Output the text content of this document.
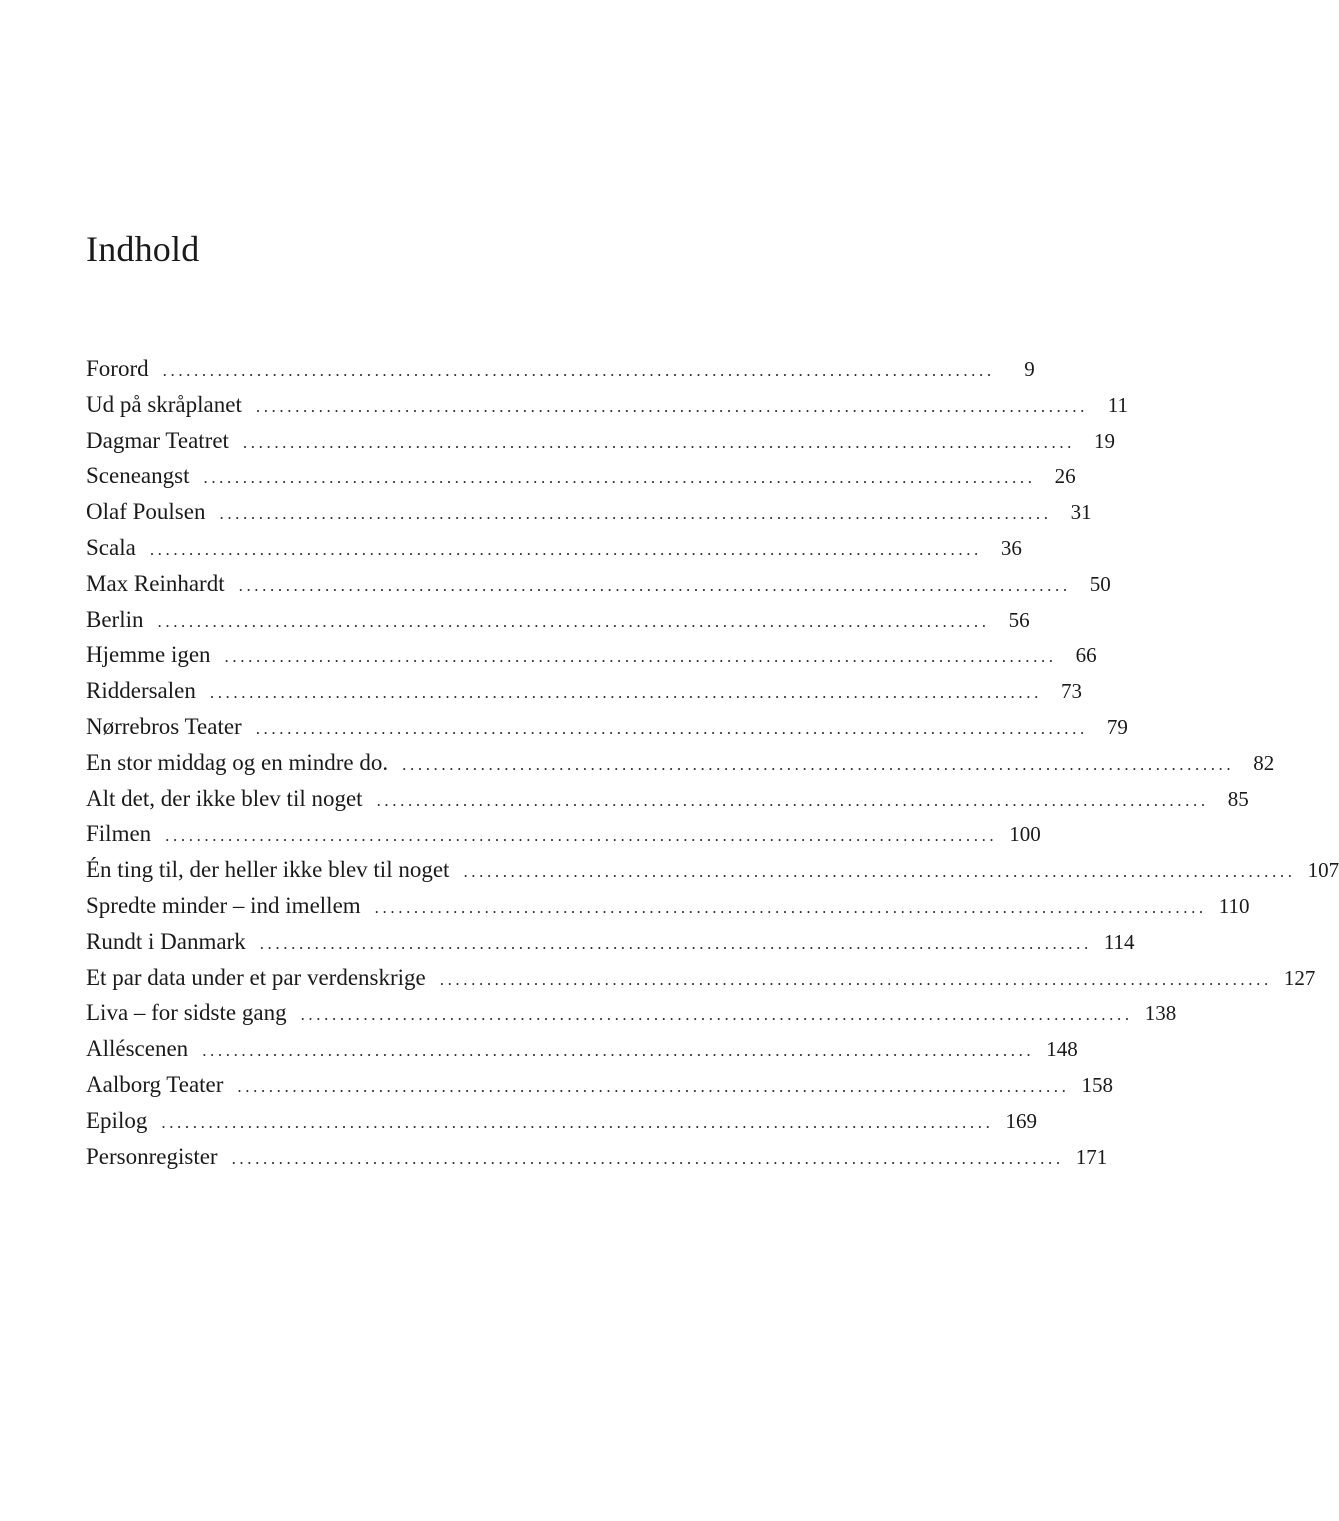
Indhold
Forord ..........................................................................................................	9
Ud på skråplanet .......................................................................................................... 11
Dagmar Teatret .......................................................................................................... 19
Sceneangst .......................................................................................................... 26
Olaf Poulsen .......................................................................................................... 31
Scala .......................................................................................................... 36
Max Reinhardt .......................................................................................................... 50
Berlin .......................................................................................................... 56
Hjemme igen .......................................................................................................... 66
Riddersalen .......................................................................................................... 73
Nørrebros Teater .......................................................................................................... 79
En stor middag og en mindre do. .......................................................................................................... 82
Alt det, der ikke blev til noget .......................................................................................................... 85
Filmen .......................................................................................................... 100
Én ting til, der heller ikke blev til noget .......................................................................................................... 107
Spredte minder – ind imellem .......................................................................................................... 110
Rundt i Danmark .......................................................................................................... 114
Et par data under et par verdenskrige .......................................................................................................... 127
Liva – for sidste gang .......................................................................................................... 138
Alléscenen .......................................................................................................... 148
Aalborg Teater .......................................................................................................... 158
Epilog .......................................................................................................... 169
Personregister .......................................................................................................... 171
